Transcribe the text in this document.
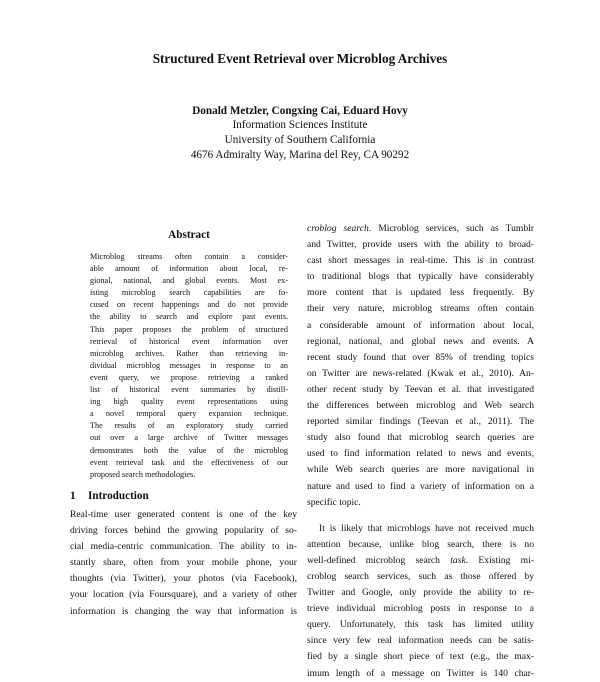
Structured Event Retrieval over Microblog Archives
Donald Metzler, Congxing Cai, Eduard Hovy
Information Sciences Institute
University of Southern California
4676 Admiralty Way, Marina del Rey, CA 90292
Abstract
Microblog streams often contain a consider-
able amount of information about local, re-
gional, national, and global events. Most ex-
isting microblog search capabilities are fo-
cused on recent happenings and do not provide
the ability to search and explore past events.
This paper proposes the problem of structured
retrieval of historical event information over
microblog archives. Rather than retrieving in-
dividual microblog messages in response to an
event query, we propose retrieving a ranked
list of historical event summaries by distill-
ing high quality event representations using
a novel temporal query expansion technique.
The results of an exploratory study carried
out over a large archive of Twitter messages
demonstrates both the value of the microblog
event retrieval task and the effectiveness of our
proposed search methodologies.
1 Introduction
Real-time user generated content is one of the key
driving forces behind the growing popularity of so-
cial media-centric communication. The ability to in-
stantly share, often from your mobile phone, your
thoughts (via Twitter), your photos (via Facebook),
your location (via Foursquare), and a variety of other
information is changing the way that information is
croblog search. Microblog services, such as Tumblr
and Twitter, provide users with the ability to broad-
cast short messages in real-time. This is in contrast
to traditional blogs that typically have considerably
more content that is updated less frequently. By
their very nature, microblog streams often contain
a considerable amount of information about local,
regional, national, and global news and events. A
recent study found that over 85% of trending topics
on Twitter are news-related (Kwak et al., 2010). An-
other recent study by Teevan et al. that investigated
the differences between microblog and Web search
reported similar findings (Teevan et al., 2011). The
study also found that microblog search queries are
used to find information related to news and events,
while Web search queries are more navigational in
nature and used to find a variety of information on a
specific topic.
It is likely that microblogs have not received much
attention because, unlike blog search, there is no
well-defined microblog search task. Existing mi-
croblog search services, such as those offered by
Twitter and Google, only provide the ability to re-
trieve individual microblog posts in response to a
query. Unfortunately, this task has limited utility
since very few real information needs can be satis-
fied by a single short piece of text (e.g., the max-
imum length of a message on Twitter is 140 char-
